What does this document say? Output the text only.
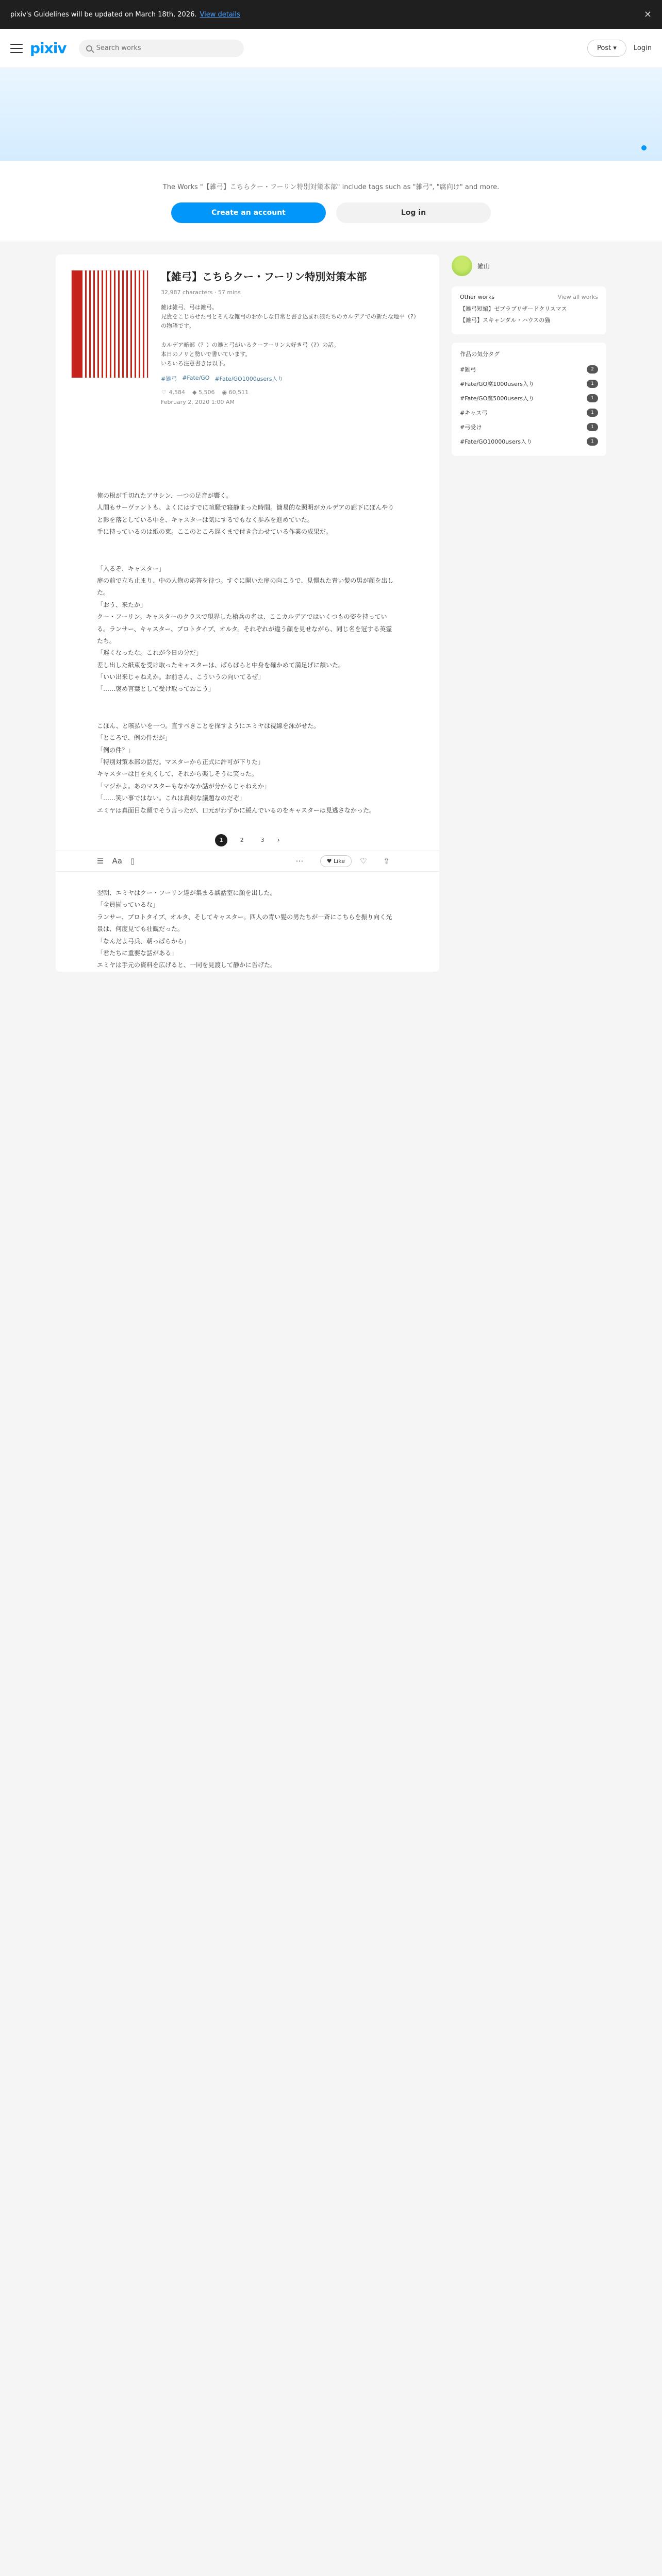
pixiv's Guidelines will be updated on March 18th, 2026. View details	✕
pixiv
Search works	Post ▾	Login
The Works "【雑弓】こちらクー・フーリン特別対策本部" include tags such as "雑弓", "腐向け" and more.
Create an account	Log in
【雑弓】こちらクー・フーリン特別対策本部
32,987 characters · 57 mins
雑は雑弓、弓は雑弓。
兄貴をこじらせた弓とそんな雑弓のおかしな日常と書き込まれ狼たちのカルデアでの新たな地平（?）の物語です。

カルデア暗部（？）の雑と弓がいるクーフーリン大好き弓（?）の話。
本日のノリと勢いで書いています。
いろいろ注意書きは以下。
#雑弓 #Fate/GO #Fate/GO1000users入り
♡ 4,584 ◆ 5,506 ◉ 60,511
February 2, 2020 1:00 AM

俺の根が千切れたアサシン、一つの足音が響く。

人間もサーヴァントも、よくにはすでに喧騒で寝静まった時間。簡易的な照明がカルデアの廊下にぼんやりと影を落としている中を、キャスターは気にするでもなく歩みを進めていた。

手に持っているのは紙の束。ここのところ遅くまで付き合わせている作業の成果だ。

「入るぞ、キャスター」

扉の前で立ち止まり、中の人物の応答を待つ。すぐに開いた扉の向こうで、見慣れた青い髪の男が顔を出した。

「おう、来たか」

クー・フーリン。キャスターのクラスで現界した槍兵の名は、ここカルデアではいくつもの姿を持っている。ランサー、キャスター、プロトタイプ、オルタ。それぞれが違う顔を見せながら、同じ名を冠する英霊たち。

「遅くなったな。これが今日の分だ」

差し出した紙束を受け取ったキャスターは、ぱらぱらと中身を確かめて満足げに頷いた。

「いい出来じゃねえか。お前さん、こういうの向いてるぜ」

「……褒め言葉として受け取っておこう」

こほん、と咳払いを一つ。直すべきことを探すようにエミヤは視線を泳がせた。

「ところで、例の件だが」

「例の件？」

「特別対策本部の話だ。マスターから正式に許可が下りた」

キャスターは目を丸くして、それから楽しそうに笑った。

「マジかよ。あのマスターもなかなか話が分かるじゃねえか」

「……笑い事ではない。これは真剣な議題なのだぞ」

エミヤは真面目な顔でそう言ったが、口元がわずかに緩んでいるのをキャスターは見逃さなかった。

1	2	3	›
☰ Aa ▯	⋯	♥ Like	♡ ⇪

翌朝、エミヤはクー・フーリン達が集まる談話室に顔を出した。

「全員揃っているな」

ランサー、プロトタイプ、オルタ、そしてキャスター。四人の青い髪の男たちが一斉にこちらを振り向く光景は、何度見ても壮観だった。

「なんだよ弓兵、朝っぱらから」

「君たちに重要な話がある」

エミヤは手元の資料を広げると、一同を見渡して静かに告げた。

雑山
Other works	View all works
【雑弓短編】ゼブラブリザードクリスマス
【雑弓】スキャンダル・ハウスの猫
作品の気分タグ
#雑弓	2
#Fate/GO腐1000users入り	1
#Fate/GO腐5000users入り	1
#キャス弓	1
#弓受け	1
#Fate/GO10000users入り	1
